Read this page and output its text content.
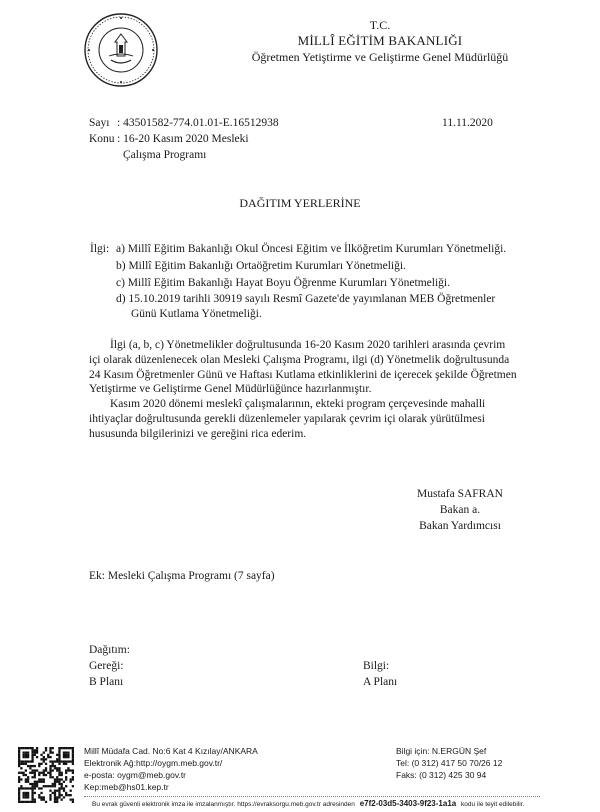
T.C.
MİLLÎ EĞİTİM BAKANLIĞI
Öğretmen Yetiştirme ve Geliştirme Genel Müdürlüğü
Sayı : 43501582-774.01.01-E.16512938	11.11.2020
Konu : 16-20 Kasım 2020 Mesleki
Çalışma Programı
DAĞITIM YERLERİNE
İlgi: a) Millî Eğitim Bakanlığı Okul Öncesi Eğitim ve İlköğretim Kurumları Yönetmeliği.
b) Millî Eğitim Bakanlığı Ortaöğretim Kurumları Yönetmeliği.
c) Millî Eğitim Bakanlığı Hayat Boyu Öğrenme Kurumları Yönetmeliği.
d) 15.10.2019 tarihli 30919 sayılı Resmî Gazete'de yayımlanan MEB Öğretmenler
Günü Kutlama Yönetmeliği.
İlgi (a, b, c) Yönetmelikler doğrultusunda 16-20 Kasım 2020 tarihleri arasında çevrim
içi olarak düzenlenecek olan Mesleki Çalışma Programı, ilgi (d) Yönetmelik doğrultusunda
24 Kasım Öğretmenler Günü ve Haftası Kutlama etkinliklerini de içerecek şekilde Öğretmen
Yetiştirme ve Geliştirme Genel Müdürlüğünce hazırlanmıştır.
Kasım 2020 dönemi meslekî çalışmalarının, ekteki program çerçevesinde mahalli
ihtiyaçlar doğrultusunda gerekli düzenlemeler yapılarak çevrim içi olarak yürütülmesi
hususunda bilgilerinizi ve gereğini rica ederim.
Mustafa SAFRAN
Bakan a.
Bakan Yardımcısı
Ek: Mesleki Çalışma Programı (7 sayfa)
Dağıtım:
Gereği:
B Planı
Bilgi:
A Planı
Millî Müdafa Cad. No:6 Kat 4 Kızılay/ANKARA
Elektronik Ağ:http://oygm.meb.gov.tr/
e-posta: oygm@meb.gov.tr
Kep:meb@hs01.kep.tr
Bilgi için: N.ERGÜN Şef
Tel: (0 312) 417 50 70/26 12
Faks: (0 312) 425 30 94
Bu evrak güvenli elektronik imza ile imzalanmıştır. https://evraksorgu.meb.gov.tr adresinden e7f2-03d5-3403-9f23-1a1a kodu ile teyit edilebilir.
